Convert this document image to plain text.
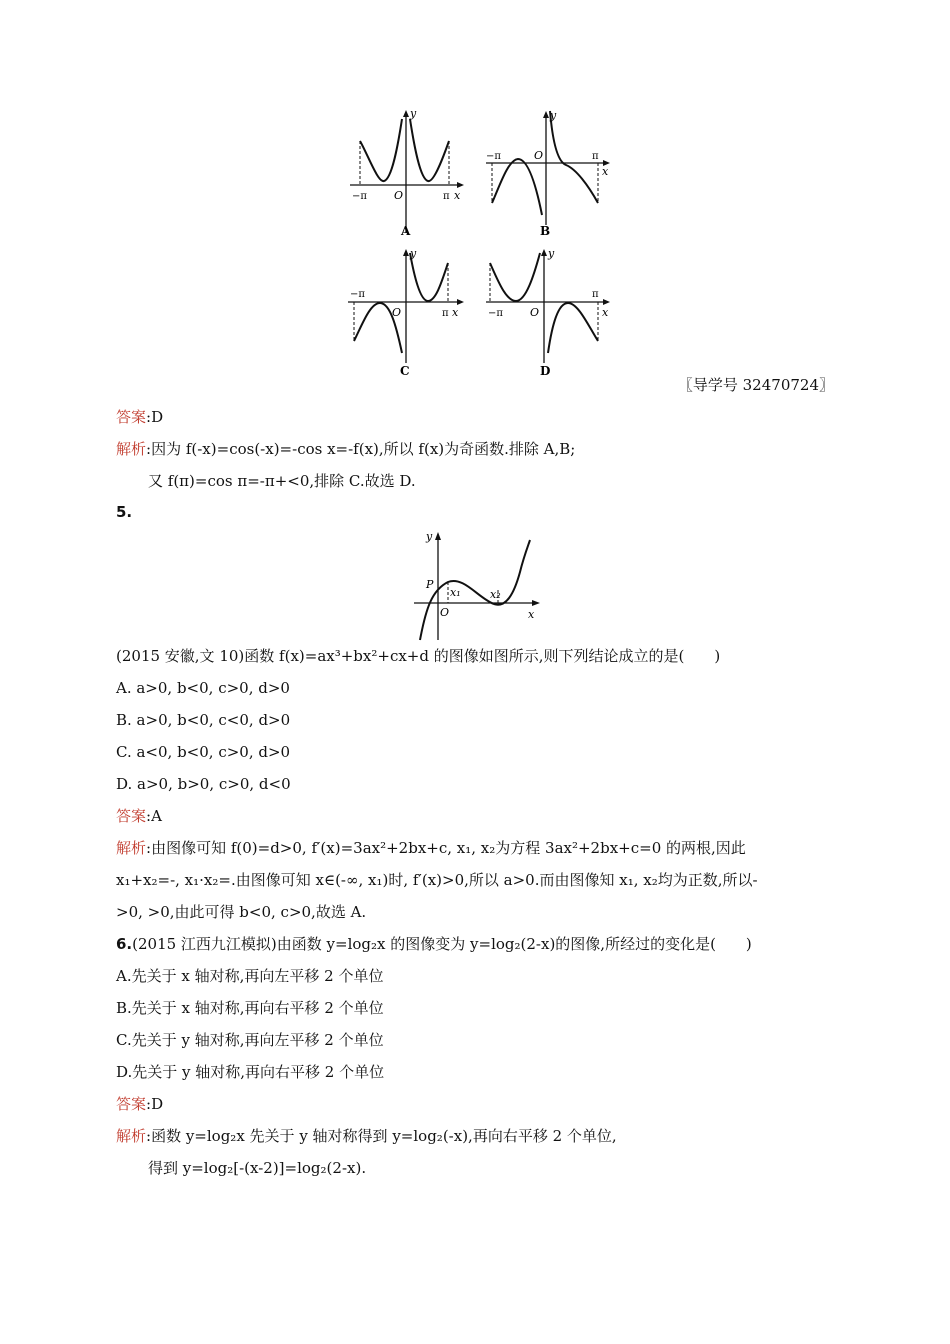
y
−π O	π x
A
y
−π	O	π
x
B
y
−π
O	π x
C
y
−π O
π
x
D
〖导学号 32470724〗
答案:D
解析:因为 f(-x)=cos(-x)=-cos x=-f(x),所以 f(x)为奇函数.排除 A,B;
又 f(π)=cos π=-π+<0,排除 C.故选 D.
5.
y
P
O
x₁	x₂
x
(2015 安徽,文 10)函数 f(x)=ax³+bx²+cx+d 的图像如图所示,则下列结论成立的是(　　)
A. a>0, b<0, c>0, d>0
B. a>0, b<0, c<0, d>0
C. a<0, b<0, c>0, d>0
D. a>0, b>0, c>0, d<0
答案:A
解析:由图像可知 f(0)=d>0, f′(x)=3ax²+2bx+c, x₁, x₂为方程 3ax²+2bx+c=0 的两根,因此
x₁+x₂=-, x₁·x₂=.由图像可知 x∈(-∞, x₁)时, f′(x)>0,所以 a>0.而由图像知 x₁, x₂均为正数,所以-
>0, >0,由此可得 b<0, c>0,故选 A.
6.(2015 江西九江模拟)由函数 y=log₂x 的图像变为 y=log₂(2-x)的图像,所经过的变化是(　　)
A.先关于 x 轴对称,再向左平移 2 个单位
B.先关于 x 轴对称,再向右平移 2 个单位
C.先关于 y 轴对称,再向左平移 2 个单位
D.先关于 y 轴对称,再向右平移 2 个单位
答案:D
解析:函数 y=log₂x 先关于 y 轴对称得到 y=log₂(-x),再向右平移 2 个单位,
得到 y=log₂[-(x-2)]=log₂(2-x).
